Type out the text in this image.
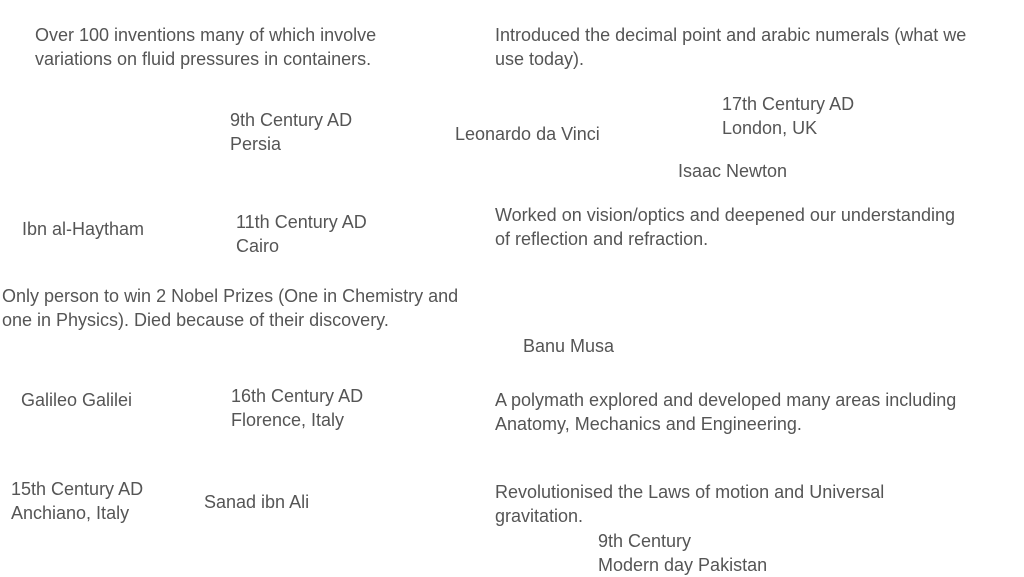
Over 100 inventions many of which involve
variations on fluid pressures in containers.
Introduced the decimal point and arabic numerals (what we
use today).
9th Century AD
Persia	Leonardo da Vinci
17th Century AD
London, UK
Isaac Newton
Ibn al-Haytham	11th Century AD
Cairo
Worked on vision/optics and deepened our understanding
of reflection and refraction.
Only person to win 2 Nobel Prizes (One in Chemistry and
one in Physics). Died because of their discovery.
Banu Musa
Galileo Galilei	16th Century AD
Florence, Italy
A polymath explored and developed many areas including
Anatomy, Mechanics and Engineering.
15th Century AD
Anchiano, Italy
Sanad ibn Ali	Revolutionised the Laws of motion and Universal
gravitation.
9th Century
Modern day Pakistan
